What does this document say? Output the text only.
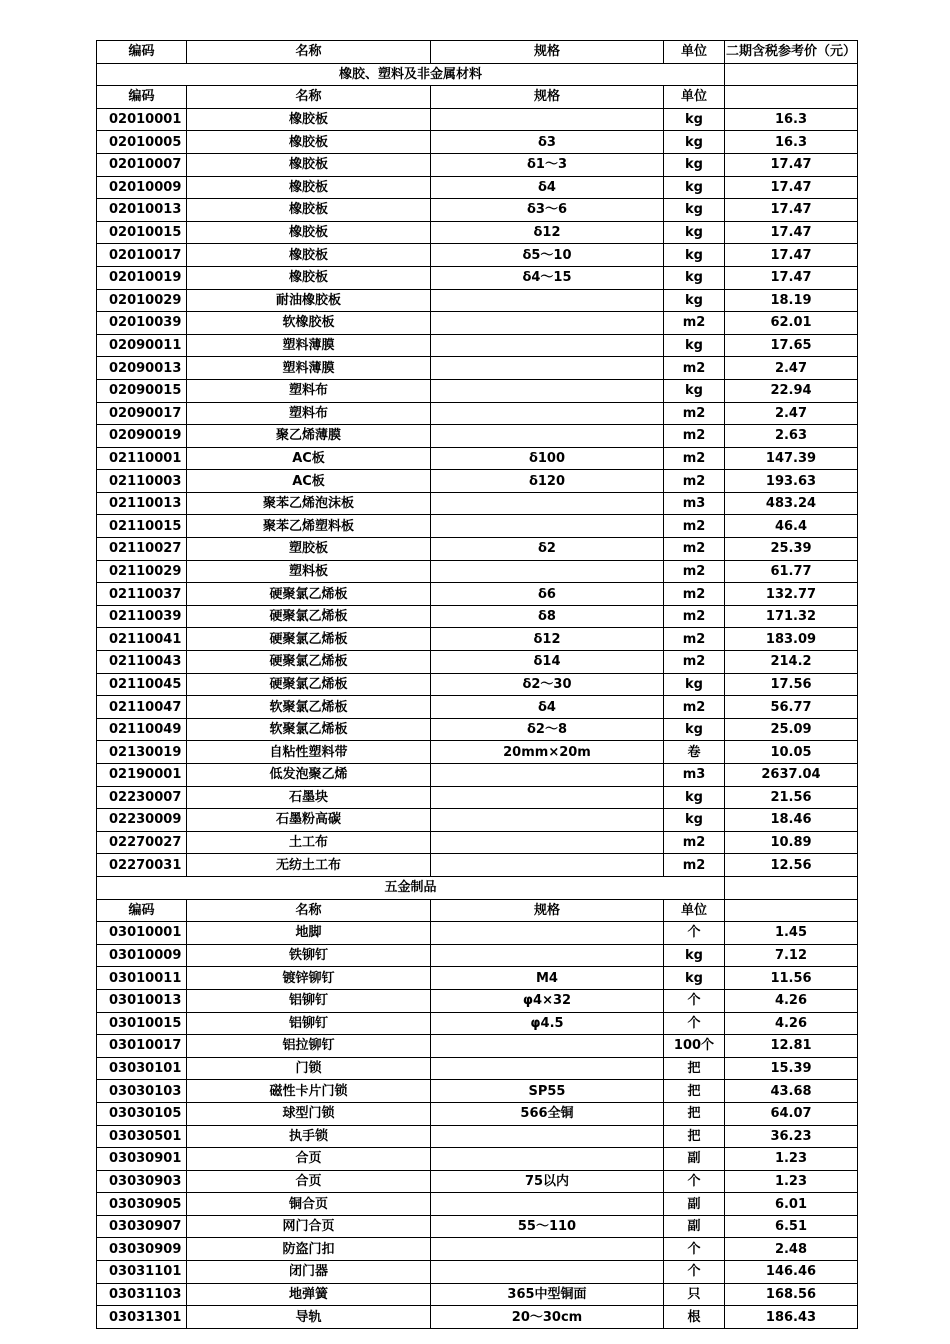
编码	名称	规格	单位	二期含税参考价（元）
橡胶、塑料及非金属材料				
编码	名称	规格	单位	
02010001	橡胶板		kg	16.3
02010005	橡胶板	δ3	kg	16.3
02010007	橡胶板	δ1～3	kg	17.47
02010009	橡胶板	δ4	kg	17.47
02010013	橡胶板	δ3～6	kg	17.47
02010015	橡胶板	δ12	kg	17.47
02010017	橡胶板	δ5～10	kg	17.47
02010019	橡胶板	δ4～15	kg	17.47
02010029	耐油橡胶板		kg	18.19
02010039	软橡胶板		m2	62.01
02090011	塑料薄膜		kg	17.65
02090013	塑料薄膜		m2	2.47
02090015	塑料布		kg	22.94
02090017	塑料布		m2	2.47
02090019	聚乙烯薄膜		m2	2.63
02110001	AC板	δ100	m2	147.39
02110003	AC板	δ120	m2	193.63
02110013	聚苯乙烯泡沫板		m3	483.24
02110015	聚苯乙烯塑料板		m2	46.4
02110027	塑胶板	δ2	m2	25.39
02110029	塑料板		m2	61.77
02110037	硬聚氯乙烯板	δ6	m2	132.77
02110039	硬聚氯乙烯板	δ8	m2	171.32
02110041	硬聚氯乙烯板	δ12	m2	183.09
02110043	硬聚氯乙烯板	δ14	m2	214.2
02110045	硬聚氯乙烯板	δ2～30	kg	17.56
02110047	软聚氯乙烯板	δ4	m2	56.77
02110049	软聚氯乙烯板	δ2～8	kg	25.09
02130019	自粘性塑料带	20mm×20m	卷	10.05
02190001	低发泡聚乙烯		m3	2637.04
02230007	石墨块		kg	21.56
02230009	石墨粉高碳		kg	18.46
02270027	土工布		m2	10.89
02270031	无纺土工布		m2	12.56
五金制品				
编码	名称	规格	单位	
03010001	地脚		个	1.45
03010009	铁铆钉		kg	7.12
03010011	镀锌铆钉	M4	kg	11.56
03010013	铝铆钉	φ4×32	个	4.26
03010015	铝铆钉	φ4.5	个	4.26
03010017	铝拉铆钉		100个	12.81
03030101	门锁		把	15.39
03030103	磁性卡片门锁	SP55	把	43.68
03030105	球型门锁	566全铜	把	64.07
03030501	执手锁		把	36.23
03030901	合页		副	1.23
03030903	合页	75以内	个	1.23
03030905	铜合页		副	6.01
03030907	网门合页	55～110	副	6.51
03030909	防盗门扣		个	2.48
03031101	闭门器		个	146.46
03031103	地弹簧	365中型铜面	只	168.56
03031301	导轨	20～30cm	根	186.43
